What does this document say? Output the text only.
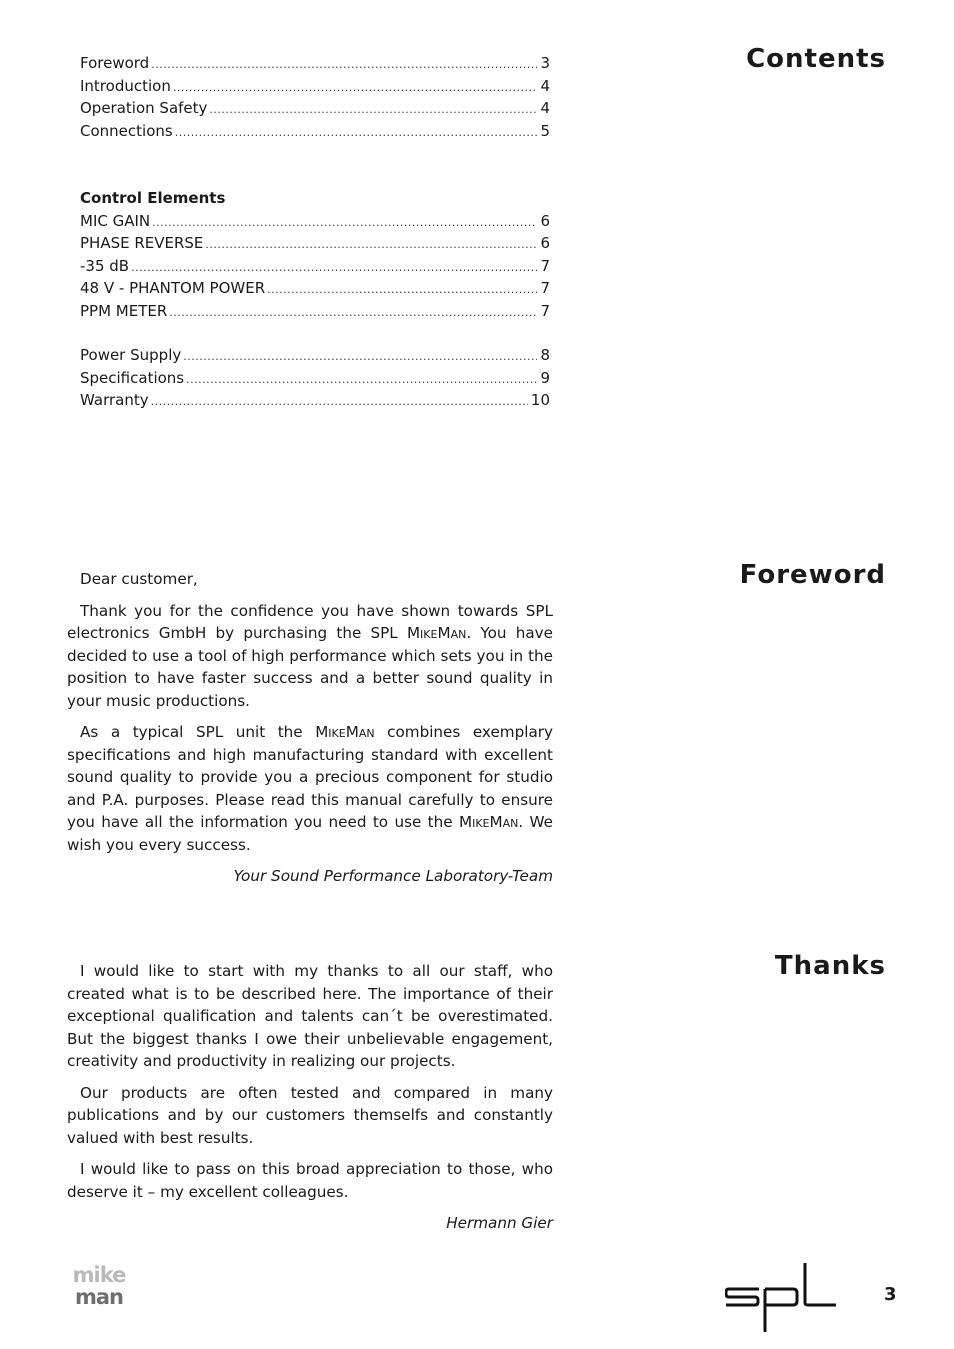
Contents
Foreword
Thanks
Foreword .....	3
Introduction .....	4
Operation Safety .....	4
Connections .....	5
Control Elements
MIC GAIN .....	6
PHASE REVERSE .....	6
-35 dB .....	7
48 V - PHANTOM POWER .....	7
PPM METER .....	7
Power Supply .....	8
Specifications .....	9
Warranty .....	10

Dear customer,

Thank you for the confidence you have shown towards SPL electronics GmbH by purchasing the SPL MikeMan. You have decided to use a tool of high performance which sets you in the position to have faster success and a better sound quality in your music productions.

As a typical SPL unit the MikeMan combines exemplary specifications and high manufacturing standard with excellent sound quality to provide you a precious component for studio and P.A. purposes. Please read this manual carefully to ensure you have all the information you need to use the MikeMan. We wish you every success.

Your Sound Performance Laboratory-Team

I would like to start with my thanks to all our staff, who created what is to be described here. The importance of their exceptional qualification and talents can´t be overestimated. But the biggest thanks I owe their unbelievable engagement, creativity and productivity in realizing our projects.

Our products are often tested and compared in many publications and by our customers themselfs and constantly valued with best results.

I would like to pass on this broad appreciation to those, who deserve it – my excellent colleagues.

Hermann Gier

mike
man
spl
3
